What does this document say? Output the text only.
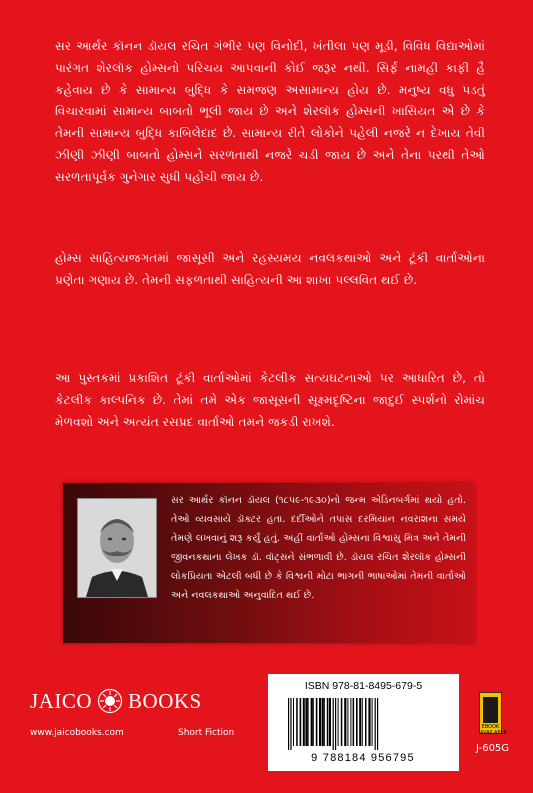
સર આર્થર કૉનન ડૉયલ રચિત ગંભીર પણ વિનોદી, ખંતીલા પણ મૂડી, વિવિધ વિદ્યાઓમાં પારંગત શેરલૉક હોમ્સનો પરિચય આપવાની કોઈ જરૂર નથી. સિર્ફ નામહી કાફી હૈ કહેવાય છે કે સામાન્ય બુદ્ધિ કે સમજણ અસામાન્ય હોય છે. મનુષ્ય વધુ પડતું વિચારવામાં સામાન્ય બાબતો ભૂલી જાય છે અને શેરલૉક હોમ્સની ખાસિયત એ છે કે તેમની સામાન્ય બુદ્ધિ કાબિલેદાદ છે. સામાન્ય રીતે લોકોને પહેલી નજરે ન દેખાય તેવી ઝીણી ઝીણી બાબતો હોમ્સને સરળતાથી નજરે ચડી જાય છે અને તેના પરથી તેઓ સરળતાપૂર્વક ગુનેગાર સુધી પહોંચી જાય છે.

હોમ્સ સાહિત્યજગતમાં જાસૂસી અને રહસ્યમય નવલકથાઓ અને ટૂંકી વાર્તાઓના પ્રણેતા ગણાય છે. તેમની સફળતાથી સાહિત્યની આ શાખા પલ્લવિત થઈ છે.

આ પુસ્તકમાં પ્રકાશિત ટૂંકી વાર્તાઓમાં કેટલીક સત્યઘટનાઓ પર આધારિત છે, તો કેટલીક કાલ્પનિક છે. તેમાં તમે એક જાસૂસની સૂક્ષ્મદૃષ્ટિના જાદુઈ સ્પર્શનો રોમાંચ મેળવશો અને અત્યંત રસપ્રદ વાર્તાઓ તમને જકડી રાખશે.

સર આર્થર કૉનન ડૉયલ (૧૮૫૯-૧૯૩૦)નો જન્મ એડિનબર્ગમાં થયો હતો. તેઓ વ્યવસાયે ડૉક્ટર હતા. દર્દીઓને તપાસ દરમિયાન નવરાશના સમયે તેમણે લખવાનું શરૂ કર્યું હતું. અહીં વાર્તાઓ હોમ્સના વિશ્વાસુ મિત્ર અને તેમની જીવનકથાના લેખક ડૉ. વૉટ્સને સંભળાવી છે. ડૉયલ રચિત શેરલૉક હોમ્સની લોકપ્રિયતા એટલી બધી છે કે વિશ્વની મોટા ભાગની ભાષાઓમાં તેમની વાર્તાઓ અને નવલકથાઓ અનુવાદિત થઈ છે.

JAICO BOOKS
www.jaicobooks.com	Short Fiction
ISBN 978-81-8495-679-5
9 788184 956795
EBOOK AVAILABLE
J-605G
